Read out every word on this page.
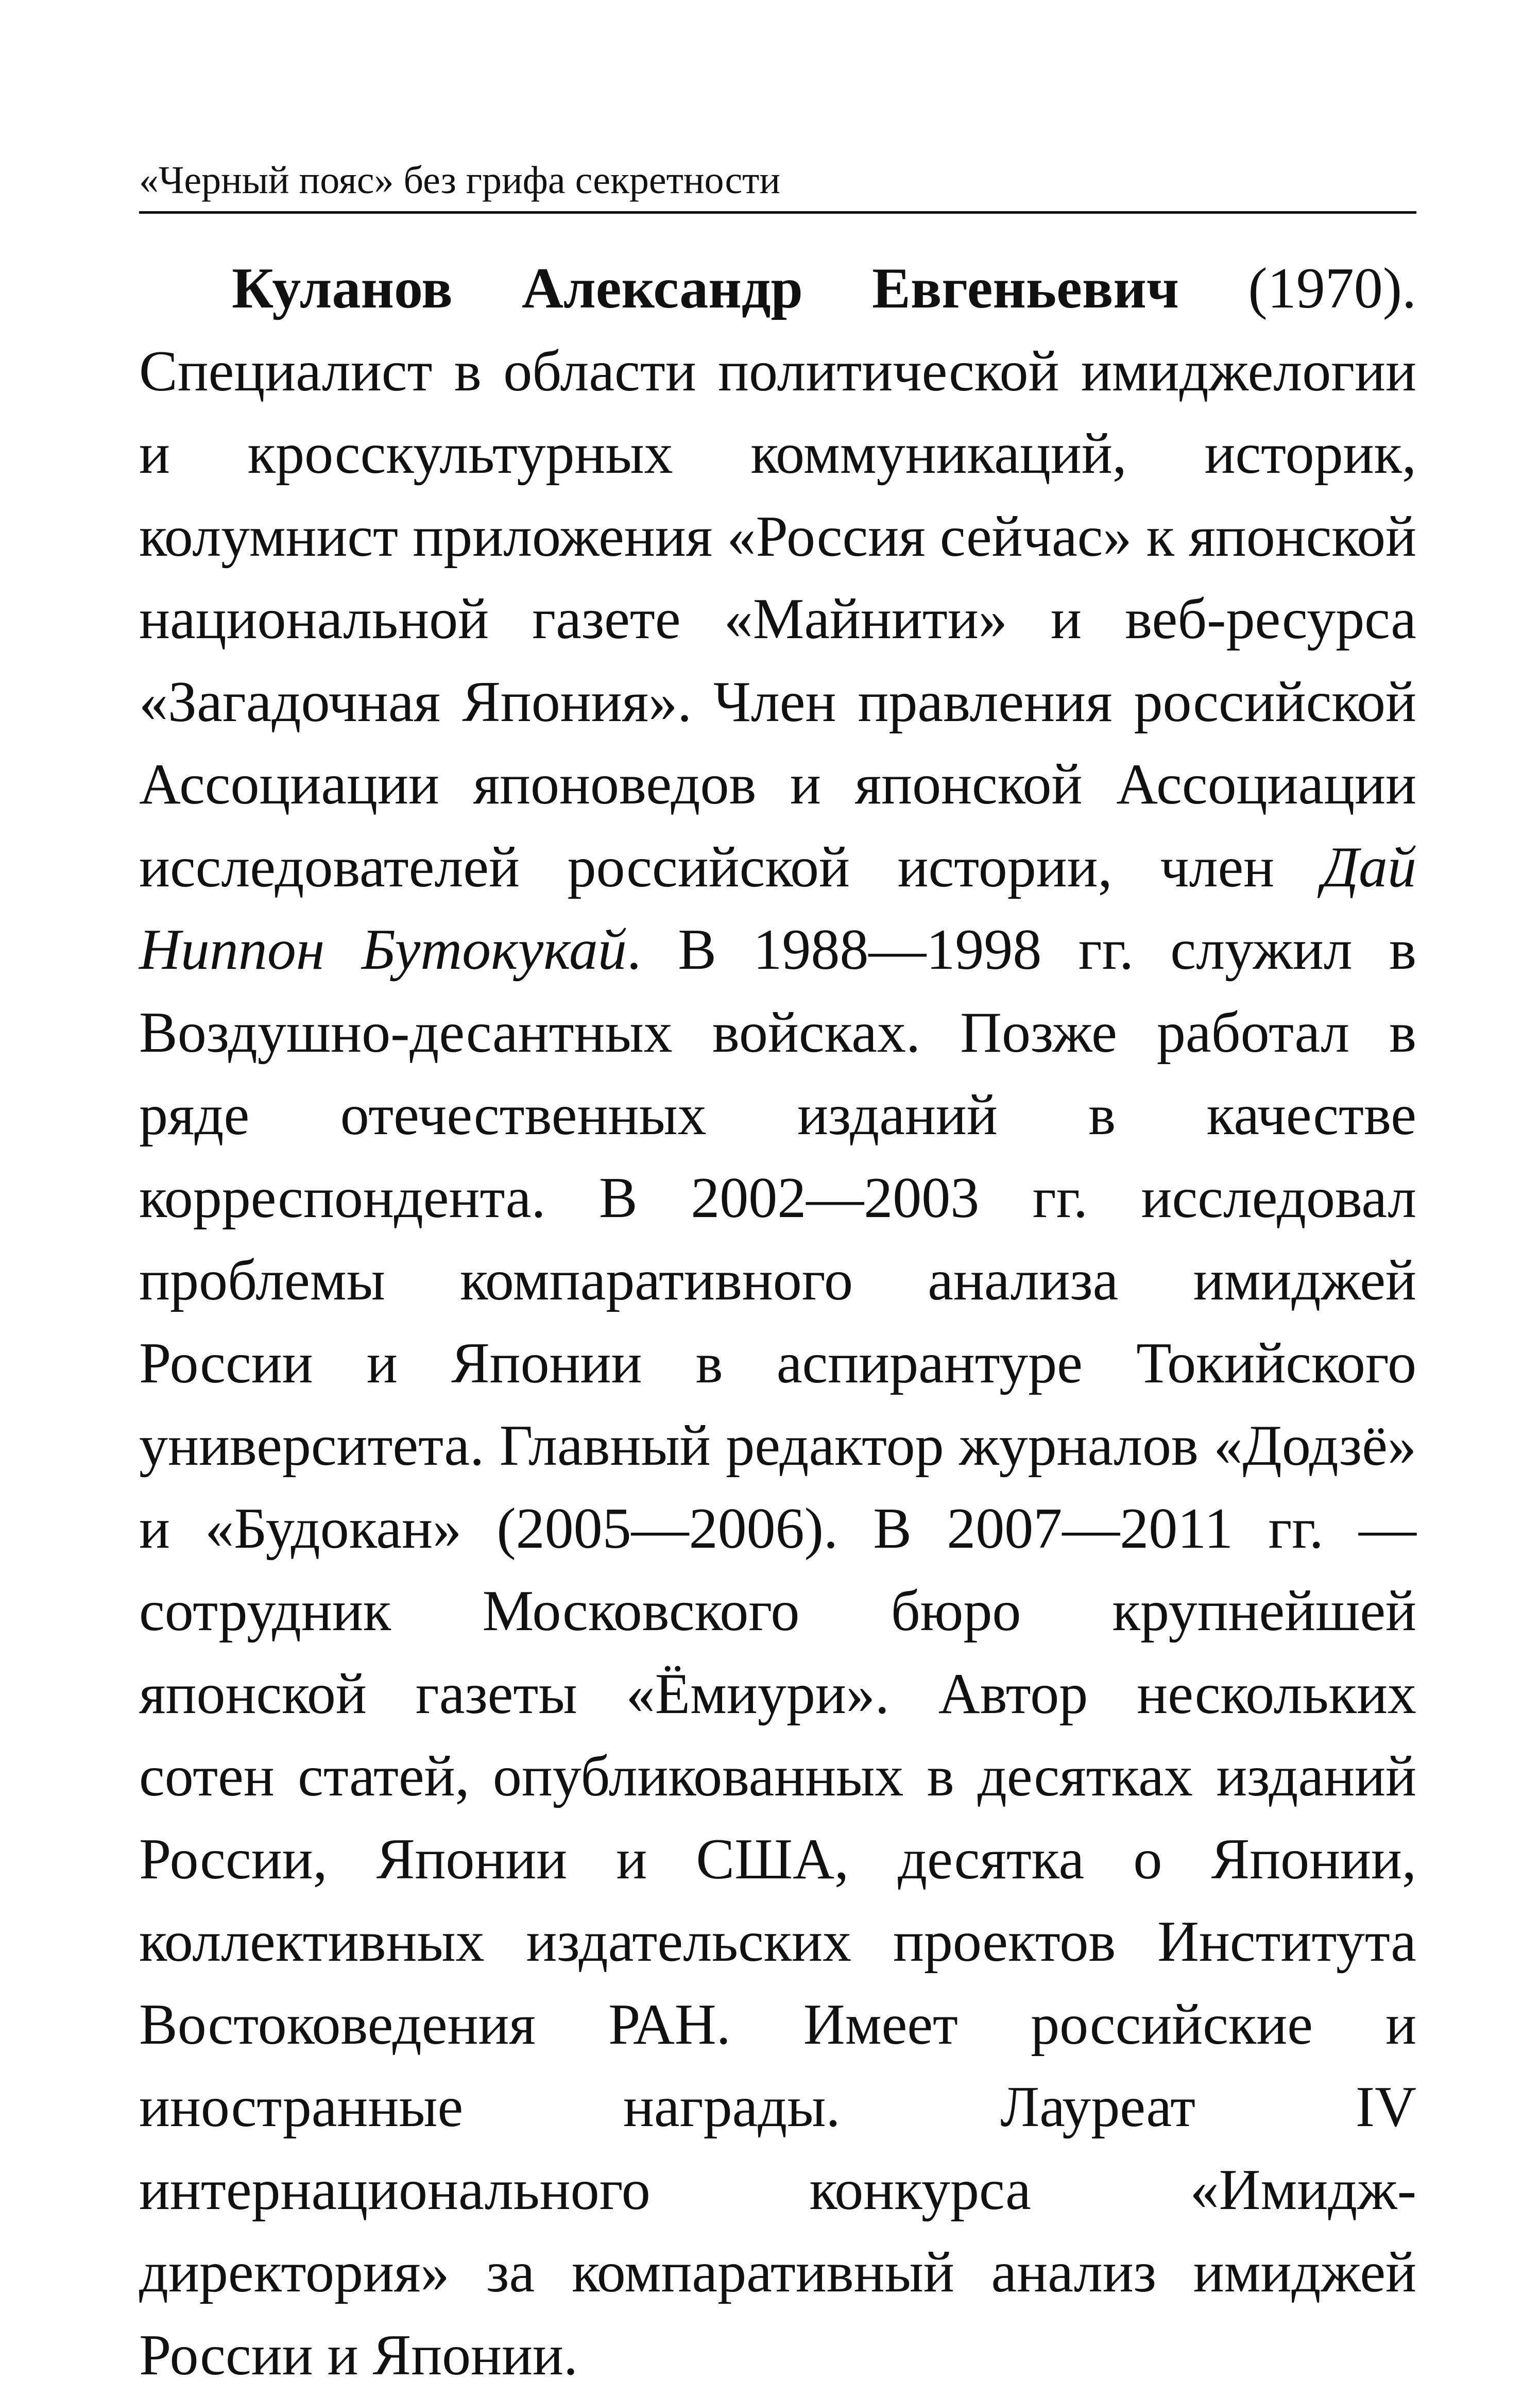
«Черный пояс» без грифа секретности

Куланов Александр Евгеньевич (1970). Специалист в области политической имиджелогии и кросскультурных коммуникаций, историк, колумнист приложения «Россия сейчас» к японской национальной газете «Майнити» и веб-ресурса «Загадочная Япония». Член правления российской Ассоциации японоведов и японской Ассоциации исследователей российской истории, член Дай Ниппон Бутокукай. В 1988—1998 гг. служил в Воздушно-десантных войсках. Позже работал в ряде отечественных изданий в качестве корреспондента. В 2002—2003 гг. исследовал проблемы компаративного анализа имиджей России и Японии в аспирантуре Токийского университета. Главный редактор журналов «Додзё» и «Будокан» (2005—2006). В 2007—2011 гг. — сотрудник Московского бюро крупнейшей японской газеты «Ёмиури». Автор нескольких сотен статей, опубликованных в десятках изданий России, Японии и США, десятка о Японии, коллективных издательских проектов Института Востоковедения РАН. Имеет российские и иностранные награды. Лауреат IV интернационального конкурса «Имидж-директория» за компаративный анализ имиджей России и Японии.
